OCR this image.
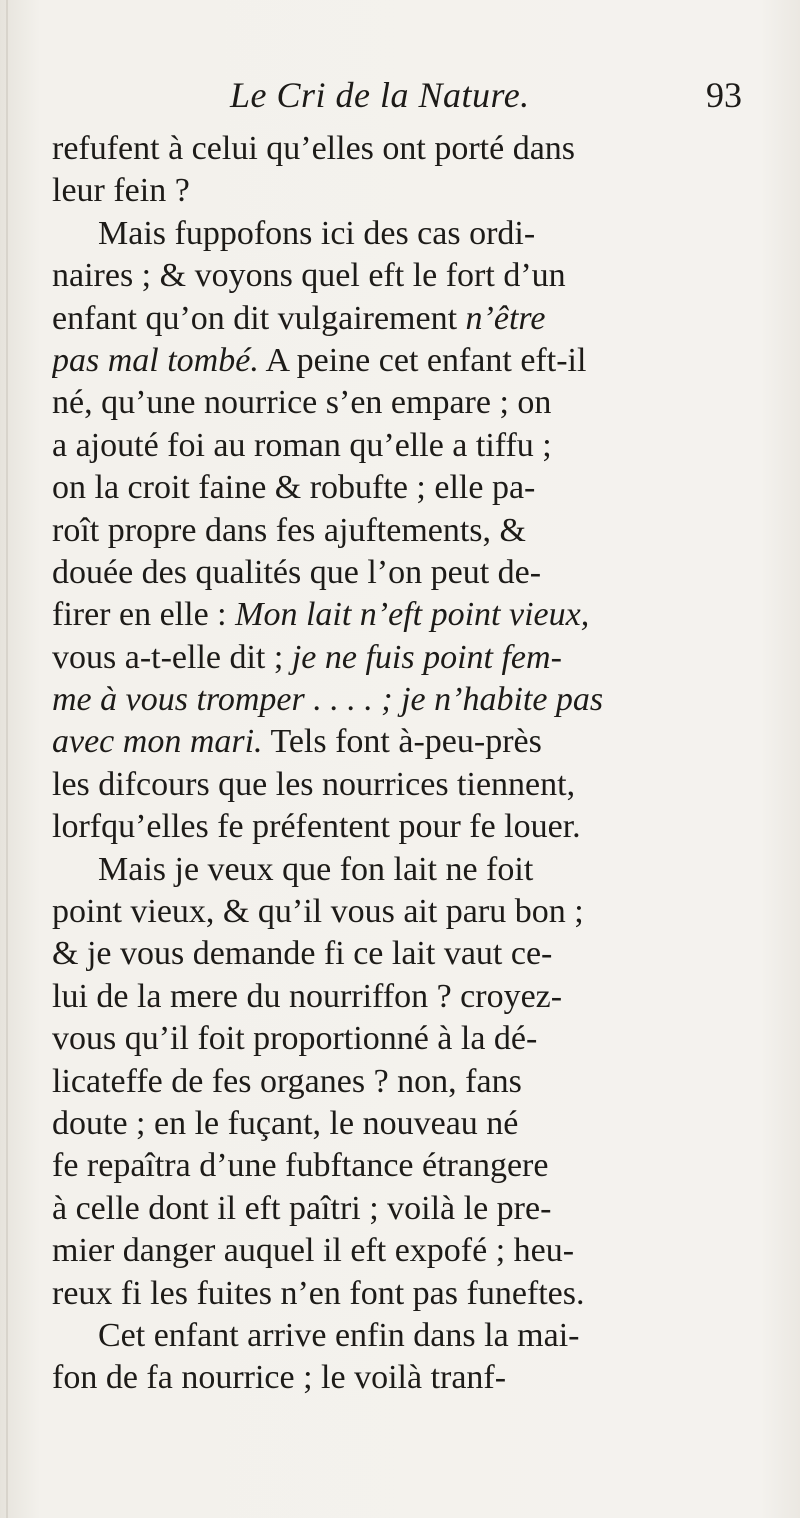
Le Cri de la Nature.	93
refufent à celui qu’elles ont porté dans
leur fein ?
Mais fuppofons ici des cas ordi-
naires ; & voyons quel eft le fort d’un
enfant qu’on dit vulgairement n’être
pas mal tombé. A peine cet enfant eft-il
né, qu’une nourrice s’en empare ; on
a ajouté foi au roman qu’elle a tiffu ;
on la croit faine & robufte ; elle pa-
roît propre dans fes ajuftements, &
douée des qualités que l’on peut de-
firer en elle : Mon lait n’eft point vieux,
vous a-t-elle dit ; je ne fuis point fem-
me à vous tromper . . . . ; je n’habite pas
avec mon mari. Tels font à-peu-près
les difcours que les nourrices tiennent,
lorfqu’elles fe préfentent pour fe louer.
Mais je veux que fon lait ne foit
point vieux, & qu’il vous ait paru bon ;
& je vous demande fi ce lait vaut ce-
lui de la mere du nourriffon ? croyez-
vous qu’il foit proportionné à la dé-
licateffe de fes organes ? non, fans
doute ; en le fuçant, le nouveau né
fe repaîtra d’une fubftance étrangere
à celle dont il eft paîtri ; voilà le pre-
mier danger auquel il eft expofé ; heu-
reux fi les fuites n’en font pas funeftes.
Cet enfant arrive enfin dans la mai-
fon de fa nourrice ; le voilà tranf-
